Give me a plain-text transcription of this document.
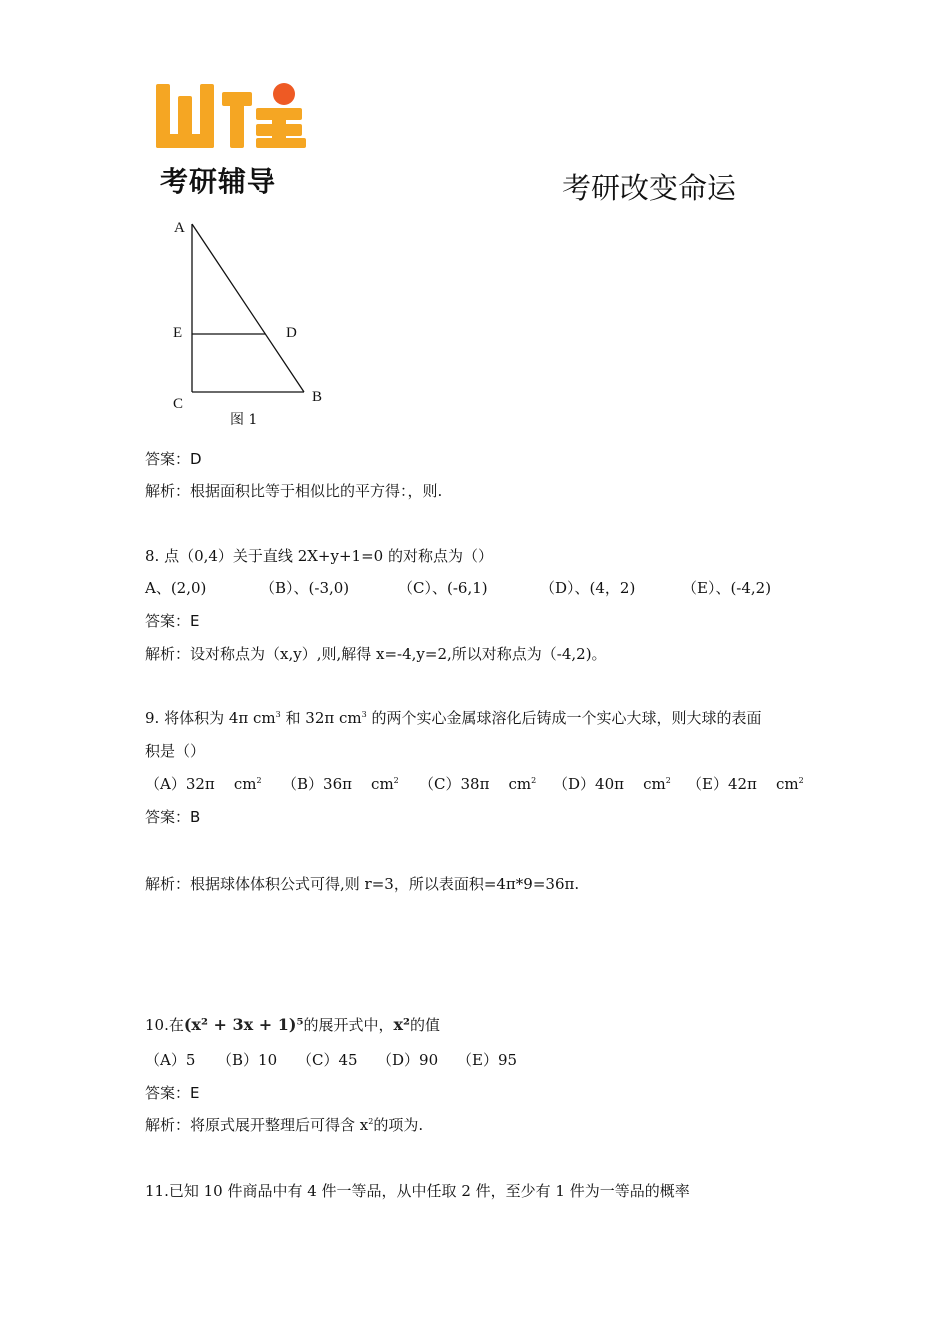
考研辅导	考研改变命运
A
E	D
C	B
图 1
答案：D
解析：根据面积比等于相似比的平方得：，则.
8. 点（0,4）关于直线 2X+y+1=0 的对称点为（）
A、(2,0)	（B）、(-3,0)	（C）、(-6,1)	（D）、(4，2)	（E）、(-4,2)
答案：E
解析：设对称点为（x,y）,则,解得 x=-4,y=2,所以对称点为（-4,2)。
9. 将体积为 4π $cm^3$ 和 32π $cm^3$ 的两个实心金属球溶化后铸成一个实心大球，则大球的表面
积是（）
（A）32π $cm^2$ （B）36π $cm^2$ （C）38π $cm^2$ （D）40π $cm^2$ （E）42π $cm^2$
答案：B
解析：根据球体体积公式可得,则 r=3，所以表面积=4π*9=36π.
10.在(x² + 3x + 1)⁵的展开式中，x²的值
（A）5 （B）10 （C）45 （D）90 （E）95
答案：E
解析：将原式展开整理后可得含 $x^2$的项为.
11.已知 10 件商品中有 4 件一等品，从中任取 2 件，至少有 1 件为一等品的概率
